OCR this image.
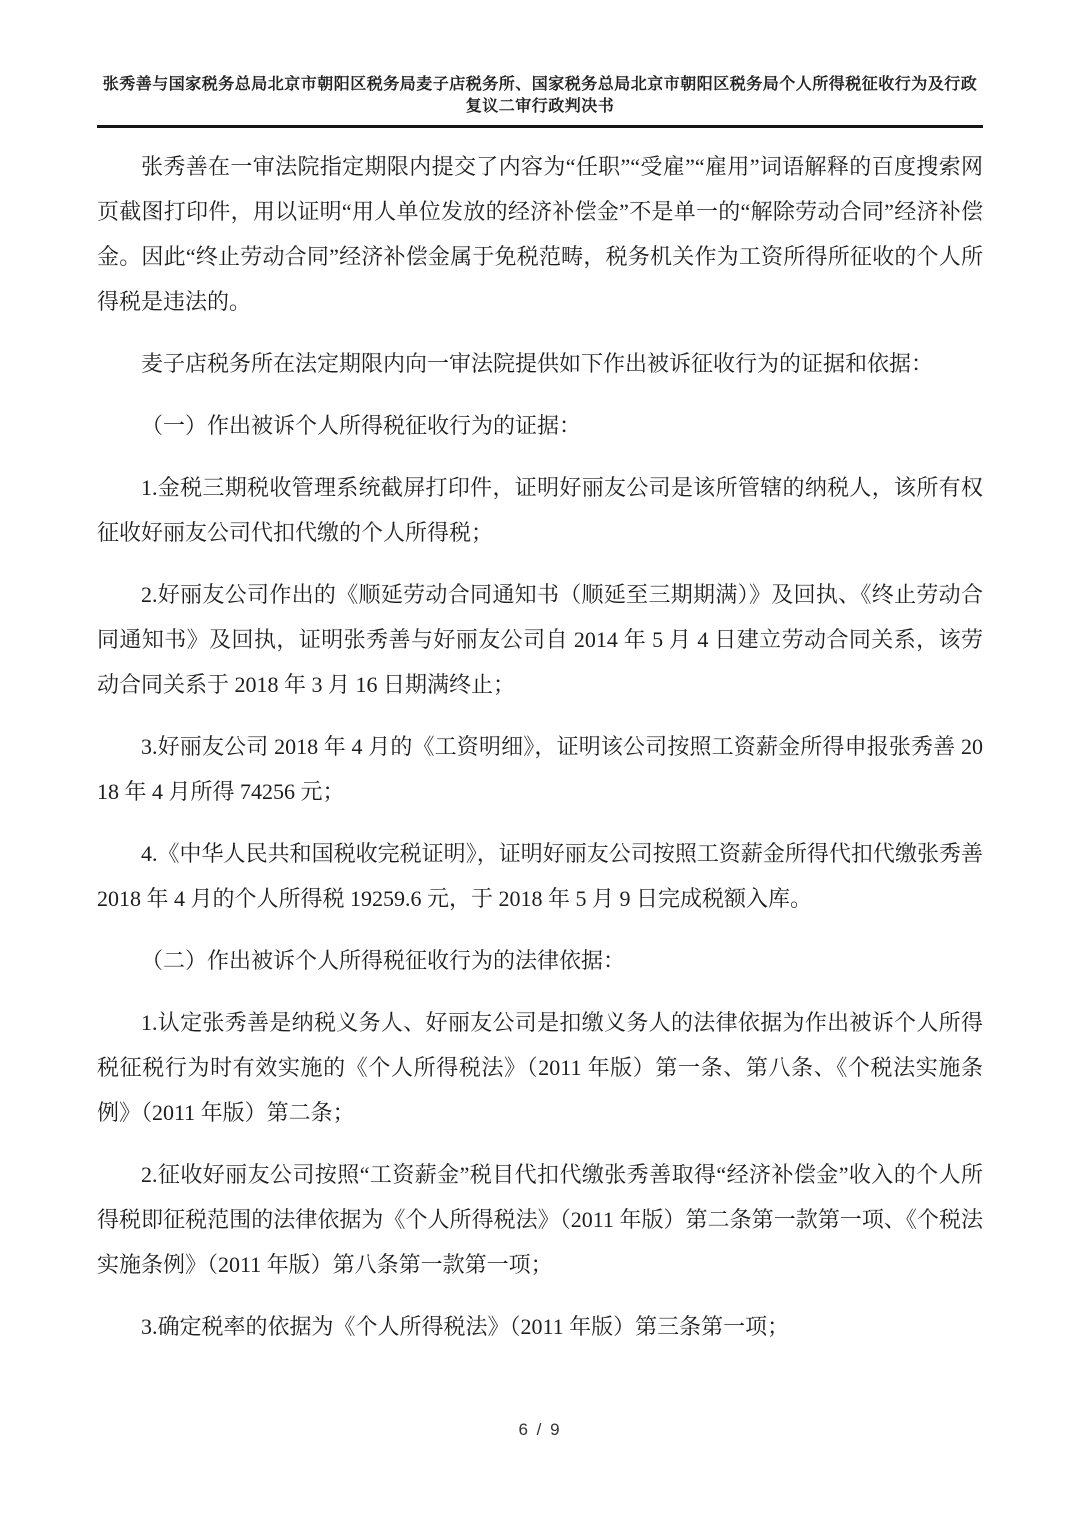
张秀善与国家税务总局北京市朝阳区税务局麦子店税务所、国家税务总局北京市朝阳区税务局个人所得税征收行为及行政复议二审行政判决书

张秀善在一审法院指定期限内提交了内容为“任职”“受雇”“雇用”词语解释的百度搜索网页截图打印件，用以证明“用人单位发放的经济补偿金”不是单一的“解除劳动合同”经济补偿金。因此“终止劳动合同”经济补偿金属于免税范畴，税务机关作为工资所得所征收的个人所得税是违法的。

麦子店税务所在法定期限内向一审法院提供如下作出被诉征收行为的证据和依据：

（一）作出被诉个人所得税征收行为的证据：

1.金税三期税收管理系统截屏打印件，证明好丽友公司是该所管辖的纳税人，该所有权征收好丽友公司代扣代缴的个人所得税；

2.好丽友公司作出的《顺延劳动合同通知书（顺延至三期期满）》及回执、《终止劳动合同通知书》及回执，证明张秀善与好丽友公司自 2014 年 5 月 4 日建立劳动合同关系，该劳动合同关系于 2018 年 3 月 16 日期满终止；

3.好丽友公司 2018 年 4 月的《工资明细》，证明该公司按照工资薪金所得申报张秀善 2018 年 4 月所得 74256 元；

4.《中华人民共和国税收完税证明》，证明好丽友公司按照工资薪金所得代扣代缴张秀善 2018 年 4 月的个人所得税 19259.6 元，于 2018 年 5 月 9 日完成税额入库。

（二）作出被诉个人所得税征收行为的法律依据：

1.认定张秀善是纳税义务人、好丽友公司是扣缴义务人的法律依据为作出被诉个人所得税征税行为时有效实施的《个人所得税法》（2011 年版）第一条、第八条、《个税法实施条例》（2011 年版）第二条；

2.征收好丽友公司按照“工资薪金”税目代扣代缴张秀善取得“经济补偿金”收入的个人所得税即征税范围的法律依据为《个人所得税法》（2011 年版）第二条第一款第一项、《个税法实施条例》（2011 年版）第八条第一款第一项；

3.确定税率的依据为《个人所得税法》（2011 年版）第三条第一项；

6 / 9
